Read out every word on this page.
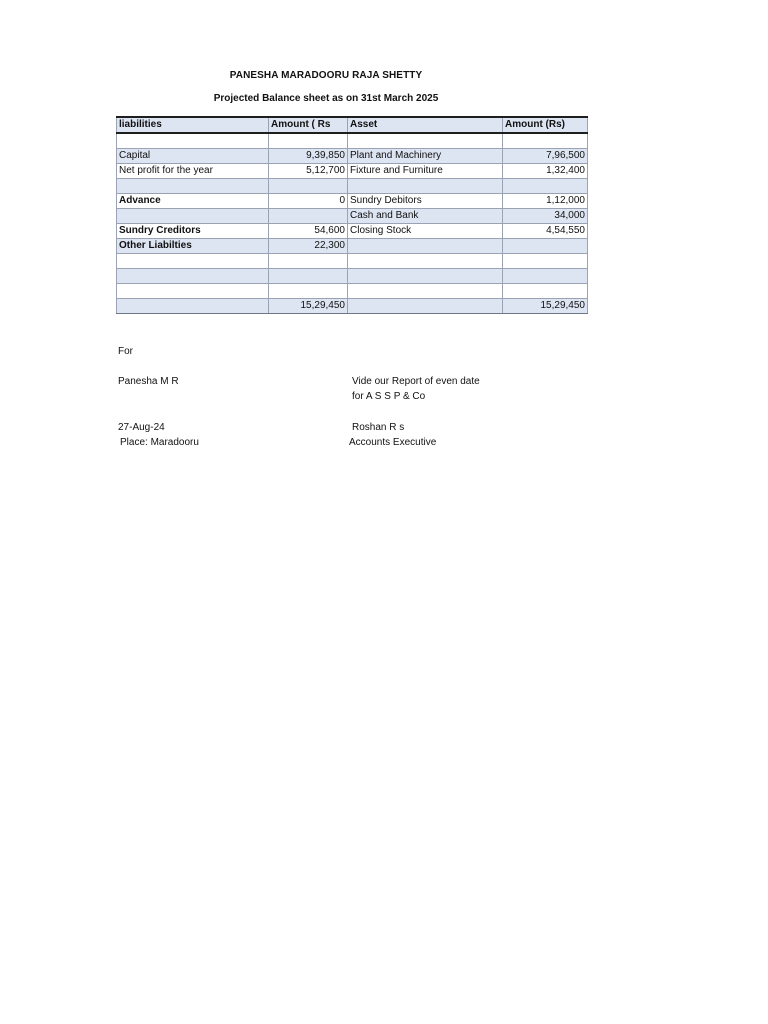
PANESHA MARADOORU RAJA SHETTY
Projected Balance sheet as on 31st March 2025
liabilities	Amount ( Rs	Asset	Amount (Rs)

Capital	9,39,850	Plant and Machinery	7,96,500
Net profit for the year	5,12,700	Fixture and Furniture	1,32,400

Advance	0	Sundry Debitors	1,12,000
		Cash and Bank	34,000
Sundry Creditors	54,600	Closing Stock	4,54,550
Other Liabilties	22,300		

	15,29,450		15,29,450
For
Panesha M R
27-Aug-24
Place: Maradooru
Vide our Report of even date
for A S S P & Co
Roshan R s
Accounts Executive
